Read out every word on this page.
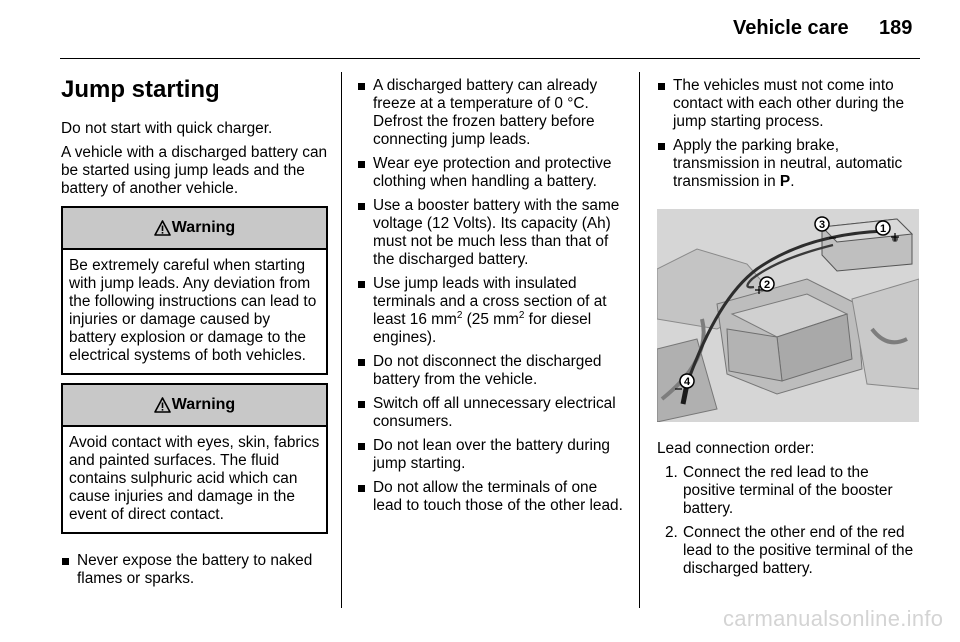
Vehicle care 189
Jump starting

Do not start with quick charger.

A vehicle with a discharged battery can be started using jump leads and the battery of another vehicle.

Warning
Be extremely careful when starting with jump leads. Any deviation from the following instructions can lead to injuries or damage caused by battery explosion or damage to the electrical systems of both vehicles.
Warning
Avoid contact with eyes, skin, fabrics and painted surfaces. The fluid contains sulphuric acid which can cause injuries and damage in the event of direct contact.
Never expose the battery to naked flames or sparks.
A discharged battery can already freeze at a temperature of 0 °C. Defrost the frozen battery before connecting jump leads.
Wear eye protection and protective clothing when handling a battery.
Use a booster battery with the same voltage (12 Volts). Its capacity (Ah) must not be much less than that of the discharged battery.
Use jump leads with insulated terminals and a cross section of at least 16 $mm^2$ (25 $mm^2$ for diesel engines).
Do not disconnect the discharged battery from the vehicle.
Switch off all unnecessary electrical consumers.
Do not lean over the battery during jump starting.
Do not allow the terminals of one lead to touch those of the other lead.
The vehicles must not come into contact with each other during the jump starting process.
Apply the parking brake, transmission in neutral, automatic transmission in P.
1
2
3
4

Lead connection order:

1. Connect the red lead to the positive terminal of the booster battery.
2. Connect the other end of the red lead to the positive terminal of the discharged battery.
carmanualsonline.info
